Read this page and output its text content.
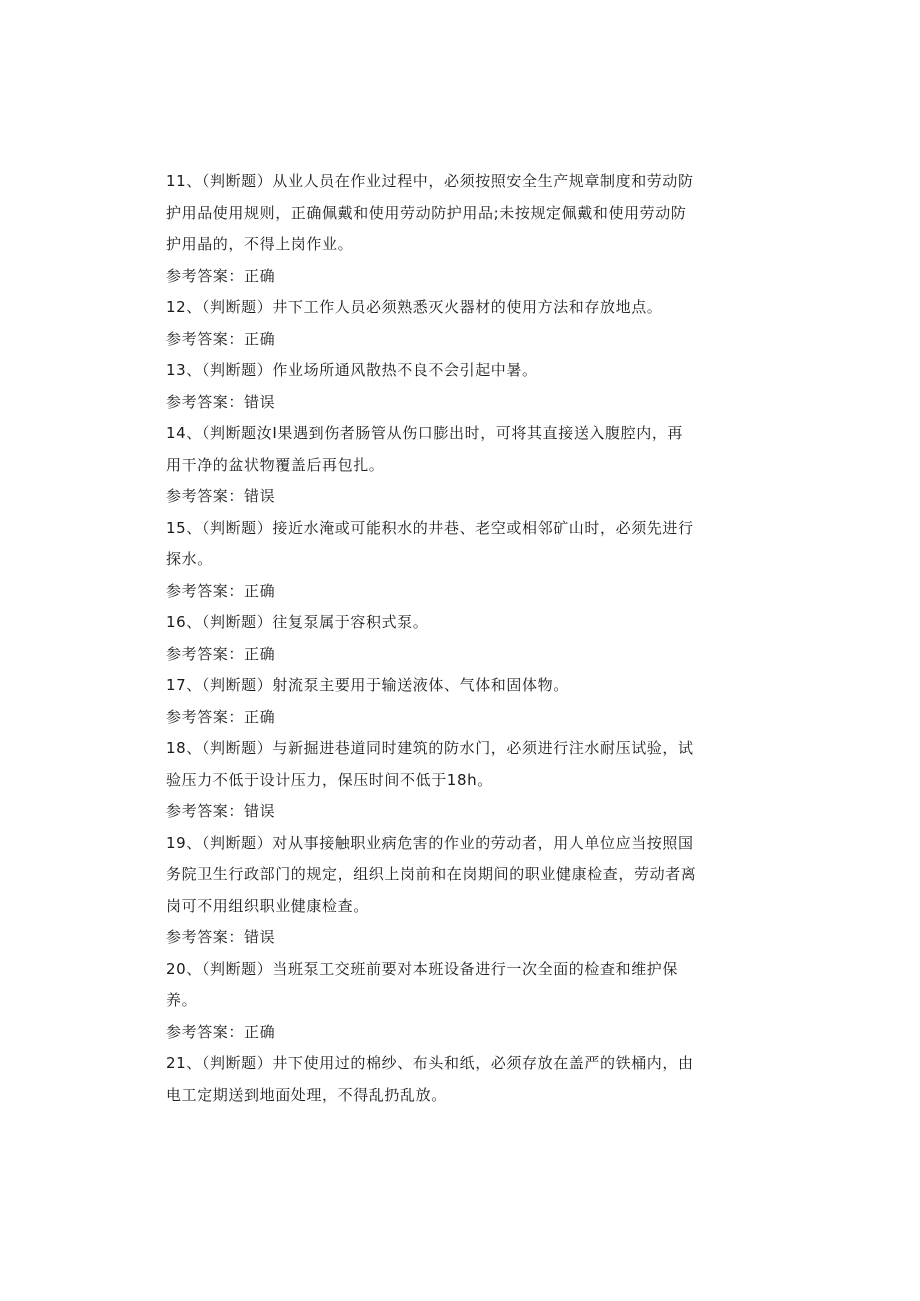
11、（判断题）从业人员在作业过程中，必须按照安全生产规章制度和劳动防
护用品使用规则，正确佩戴和使用劳动防护用品;未按规定佩戴和使用劳动防
护用晶的，不得上岗作业。
参考答案：正确
12、（判断题）井下工作人员必须熟悉灭火器材的使用方法和存放地点。
参考答案：正确
13、（判断题）作业场所通风散热不良不会引起中暑。
参考答案：错误
14、（判断题汝I果遇到伤者肠管从伤口膨出时，可将其直接送入腹腔内，再
用干净的盆状物覆盖后再包扎。
参考答案：错误
15、（判断题）接近水淹或可能积水的井巷、老空或相邻矿山时，必须先进行
探水。
参考答案：正确
16、（判断题）往复泵属于容积式泵。
参考答案：正确
17、（判断题）射流泵主要用于输送液体、气体和固体物。
参考答案：正确
18、（判断题）与新掘进巷道同时建筑的防水门，必须进行注水耐压试验，试
验压力不低于设计压力，保压时间不低于18h。
参考答案：错误
19、（判断题）对从事接触职业病危害的作业的劳动者，用人单位应当按照国
务院卫生行政部门的规定，组织上岗前和在岗期间的职业健康检查，劳动者离
岗可不用组织职业健康检查。
参考答案：错误
20、（判断题）当班泵工交班前要对本班设备进行一次全面的检查和维护保
养。
参考答案：正确
21、（判断题）井下使用过的棉纱、布头和纸，必须存放在盖严的铁桶内，由
电工定期送到地面处理，不得乱扔乱放。
